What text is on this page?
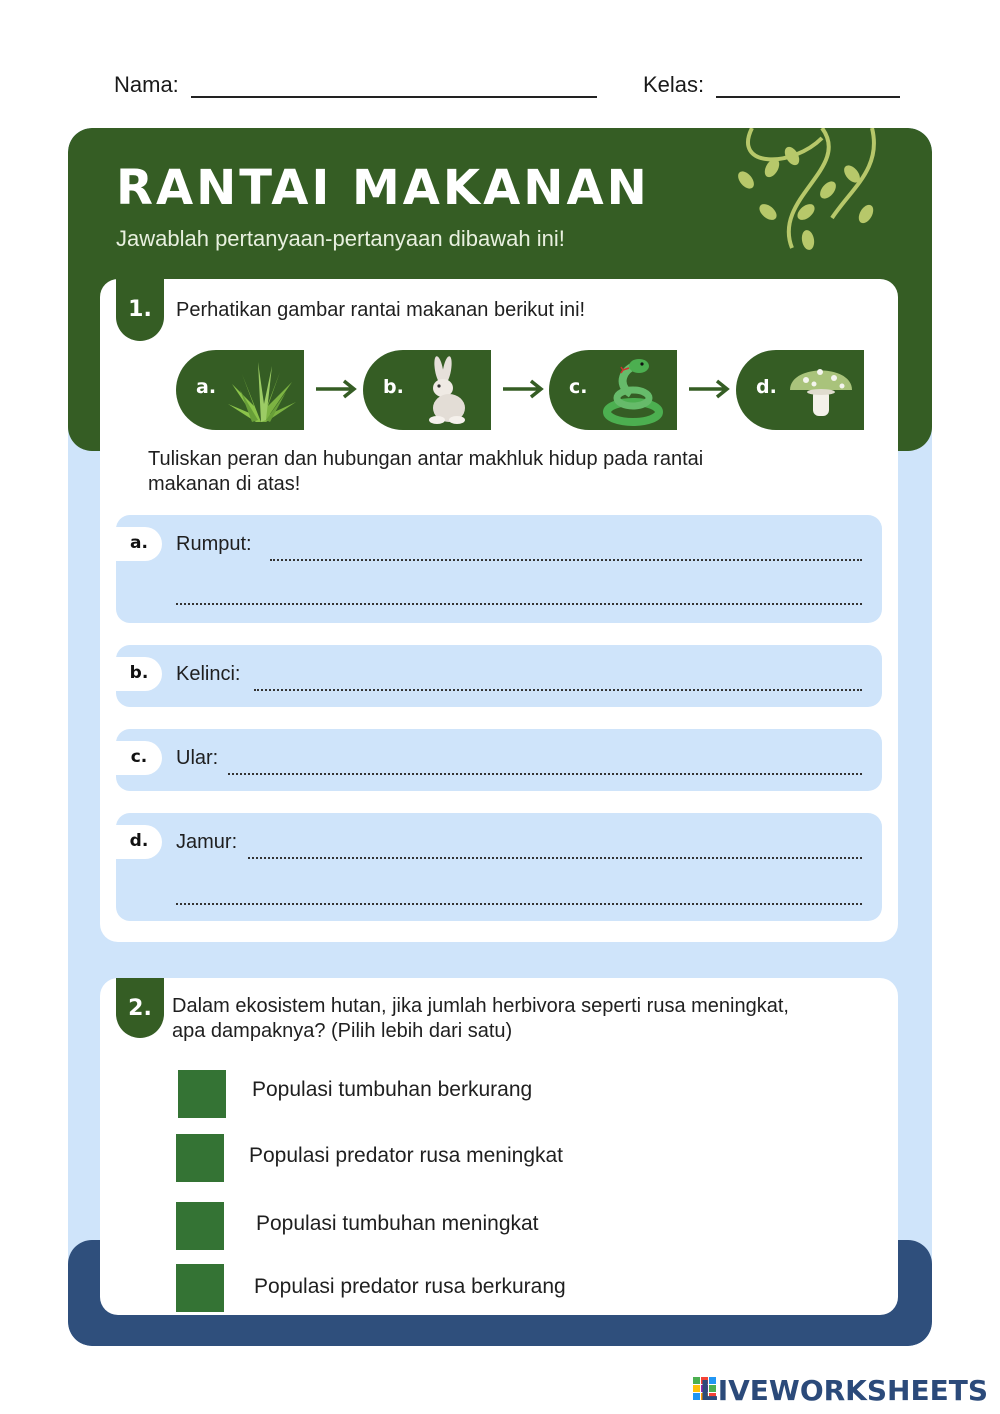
Nama:	Kelas:
RANTAI MAKANAN
Jawablah pertanyaan-pertanyaan dibawah ini!
1.	Perhatikan gambar rantai makanan berikut ini!
a.	b.	c.	d.
Tuliskan peran dan hubungan antar makhluk hidup pada rantai makanan di atas!
a.	Rumput:
b.	Kelinci:
c.	Ular:
d.	Jamur:
2.	Dalam ekosistem hutan, jika jumlah herbivora seperti rusa meningkat, apa dampaknya? (Pilih lebih dari satu)
Populasi tumbuhan berkurang
Populasi predator rusa meningkat
Populasi tumbuhan meningkat
Populasi predator rusa berkurang
LIVEWORKSHEETS
